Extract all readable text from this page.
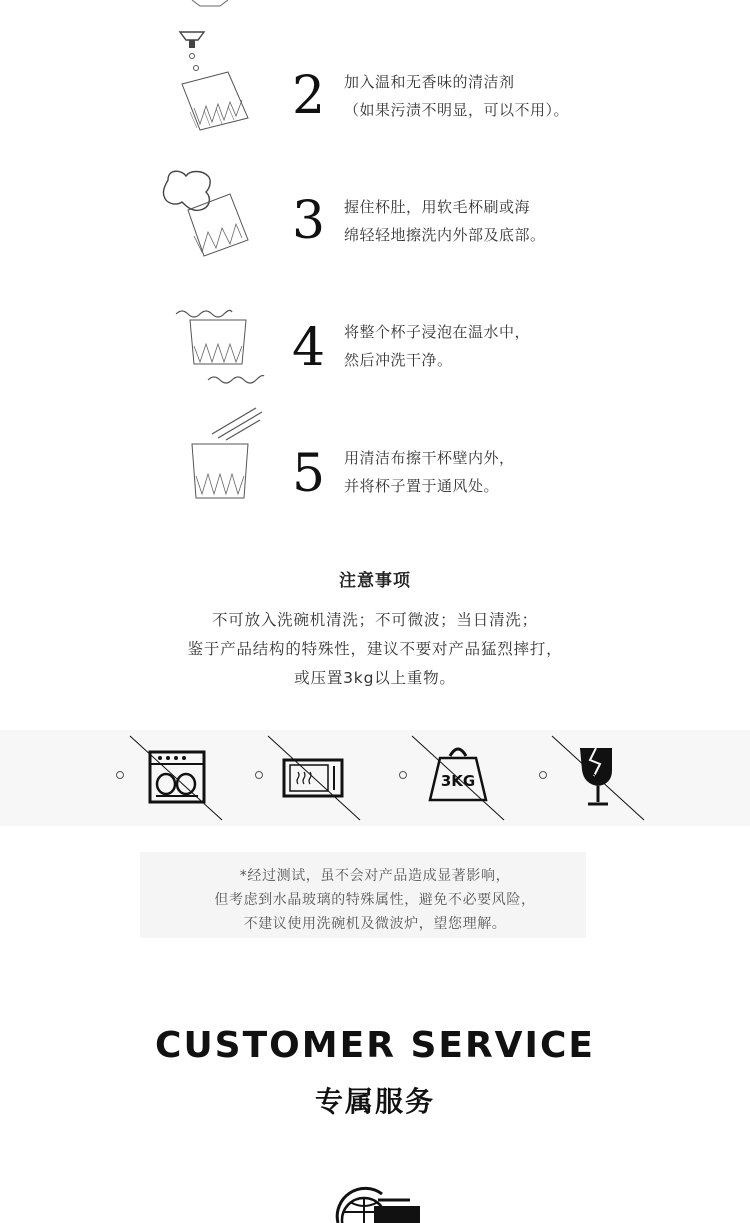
2 加入温和无香味的清洁剂
（如果污渍不明显，可以不用）。
3 握住杯肚，用软毛杯刷或海
绵轻轻地擦洗内外部及底部。
4 将整个杯子浸泡在温水中，
然后冲洗干净。
5 用清洁布擦干杯壁内外，
并将杯子置于通风处。
注意事项
不可放入洗碗机清洗；不可微波；当日清洗；
鉴于产品结构的特殊性，建议不要对产品猛烈摔打，
或压置3kg以上重物。
3KG
*经过测试，虽不会对产品造成显著影响，
但考虑到水晶玻璃的特殊属性，避免不必要风险，
不建议使用洗碗机及微波炉，望您理解。
CUSTOMER SERVICE
专属服务
